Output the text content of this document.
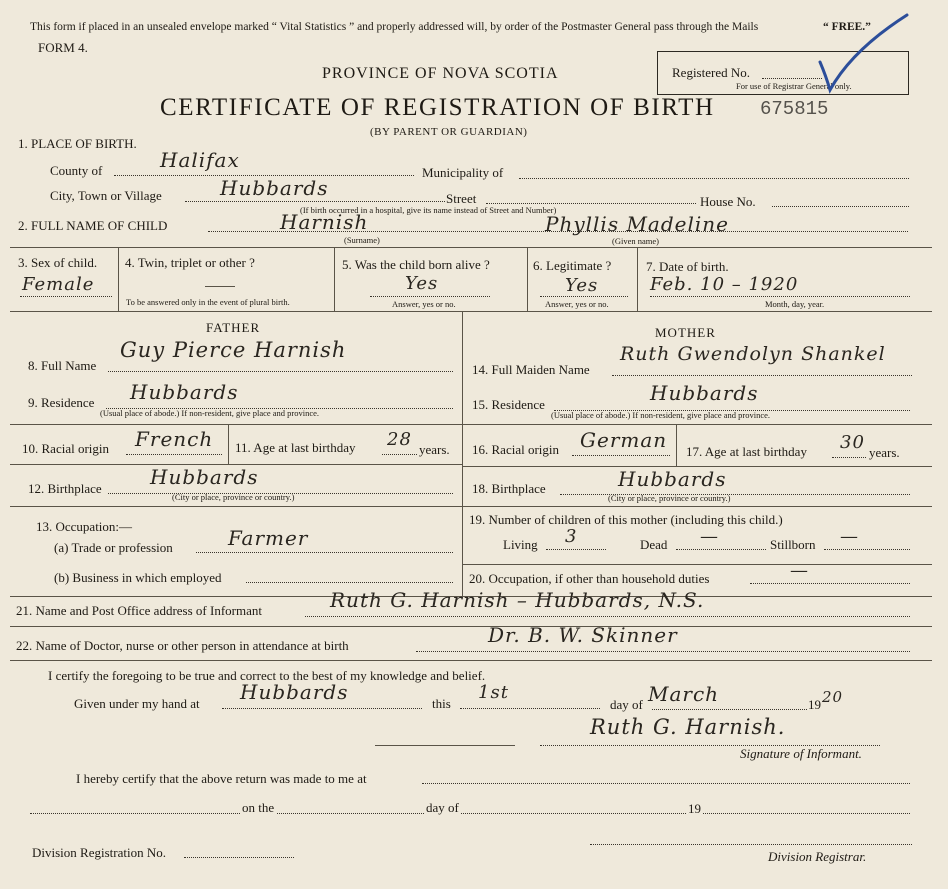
This form if placed in an unsealed envelope marked “ Vital Statistics ” and properly addressed will, by order of the Postmaster General pass through the Mails	“ FREE.”
FORM 4.
PROVINCE OF NOVA SCOTIA
CERTIFICATE OF REGISTRATION OF BIRTH 675815
(BY PARENT OR GUARDIAN)
Registered No.
For use of Registrar General only.
1. PLACE OF BIRTH.
County of	Halifax
Municipality of
City, Town or Village	Hubbards	Street	House No.
(If birth occurred in a hospital, give its name instead of Street and Number)
2. FULL NAME OF CHILD	Harnish
(Surname)
Phyllis Madeline
(Given name)
3. Sex of child.
Female
4. Twin, triplet or other ?
To be answered only in the event of plural birth.
5. Was the child born alive ?
Yes
Answer, yes or no.
6. Legitimate ?
Yes
Answer, yes or no.
7. Date of birth.
Feb. 10 – 1920
Month, day, year.
FATHER
8. Full Name
Guy Pierce Harnish
9. Residence Hubbards
(Usual place of abode.) If non-resident, give place and province.
10. Racial origin French 11. Age at last birthday 28 years.
12. Birthplace Hubbards
(City or place, province or country.)
13. Occupation:—
(a) Trade or profession	Farmer
(b) Business in which employed
MOTHER
14. Full Maiden Name
Ruth Gwendolyn Shankel
15. Residence	Hubbards
(Usual place of abode.) If non-resident, give place and province.
16. Racial origin German 17. Age at last birthday 30 years.
18. Birthplace	Hubbards
(City or place, province or country.)
19. Number of children of this mother (including this child.)
Living 3	Dead —	Stillborn —
20. Occupation, if other than household duties	—
21. Name and Post Office address of Informant	Ruth G. Harnish – Hubbards, N.S.
22. Name of Doctor, nurse or other person in attendance at birth	Dr. B. W. Skinner
I certify the foregoing to be true and correct to the best of my knowledge and belief.
Given under my hand at Hubbards	this
1st
day of March	19 20
Ruth G. Harnish.
Signature of Informant.
I hereby certify that the above return was made to me at
on the	day of	19
Division Registration No.	Division Registrar.
